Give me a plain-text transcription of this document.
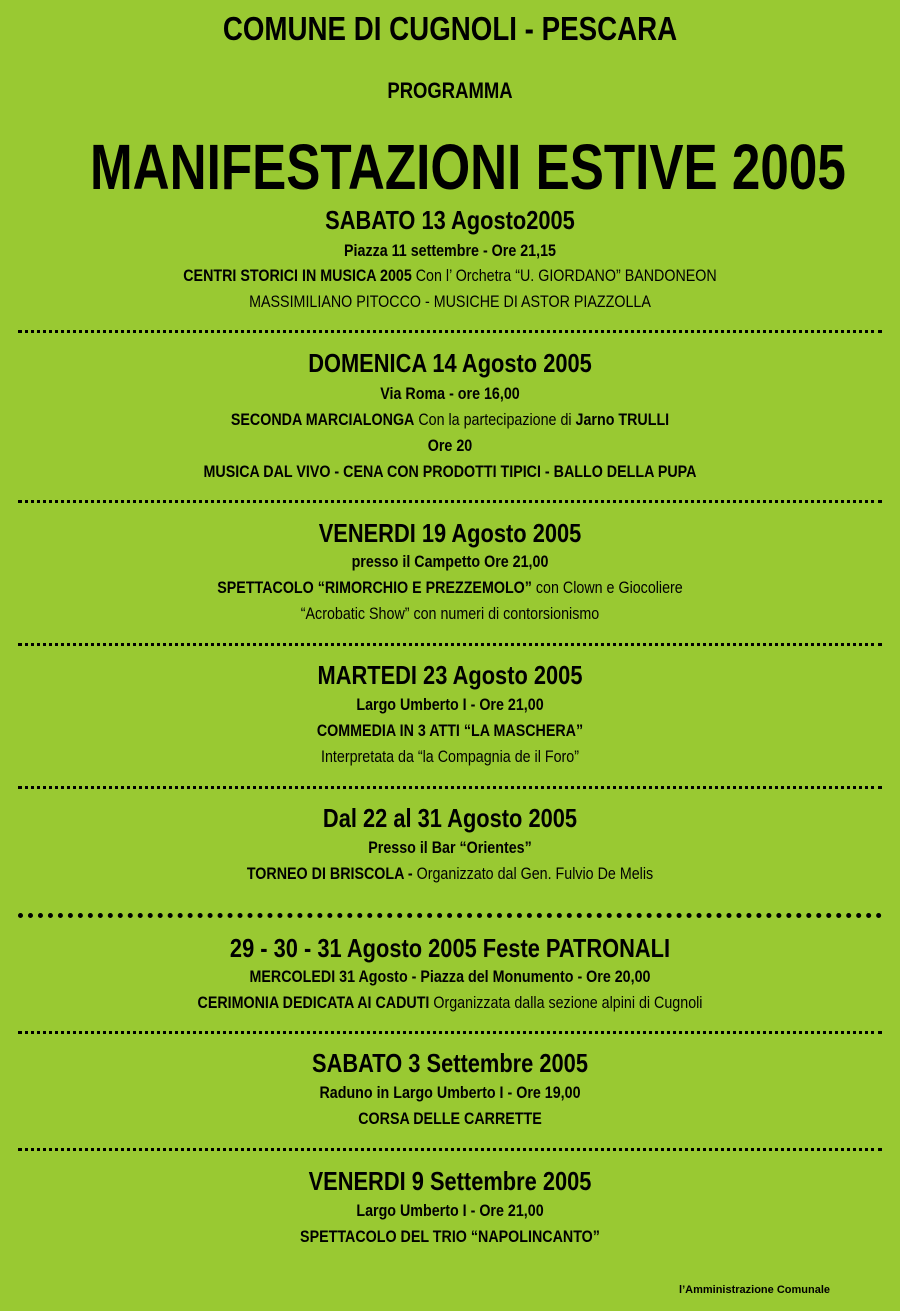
COMUNE DI CUGNOLI - PESCARA
PROGRAMMA
MANIFESTAZIONI ESTIVE 2005
SABATO 13 Agosto2005
Piazza 11 settembre - Ore 21,15
CENTRI STORICI IN MUSICA 2005 Con l’ Orchetra “U. GIORDANO” BANDONEON
MASSIMILIANO PITOCCO - MUSICHE DI ASTOR PIAZZOLLA
DOMENICA 14 Agosto 2005
Via Roma - ore 16,00
SECONDA MARCIALONGA Con la partecipazione di Jarno TRULLI
Ore 20
MUSICA DAL VIVO - CENA CON PRODOTTI TIPICI - BALLO DELLA PUPA
VENERDI 19 Agosto 2005
presso il Campetto Ore 21,00
SPETTACOLO “RIMORCHIO E PREZZEMOLO” con Clown e Giocoliere
“Acrobatic Show” con numeri di contorsionismo
MARTEDI 23 Agosto 2005
Largo Umberto I - Ore 21,00
COMMEDIA IN 3 ATTI “LA MASCHERA”
Interpretata da “la Compagnia de il Foro”
Dal 22 al 31 Agosto 2005
Presso il Bar “Orientes”
TORNEO DI BRISCOLA - Organizzato dal Gen. Fulvio De Melis
29 - 30 - 31 Agosto 2005 Feste PATRONALI
MERCOLEDI 31 Agosto - Piazza del Monumento - Ore 20,00
CERIMONIA DEDICATA AI CADUTI Organizzata dalla sezione alpini di Cugnoli
SABATO 3 Settembre 2005
Raduno in Largo Umberto I - Ore 19,00
CORSA DELLE CARRETTE
VENERDI 9 Settembre 2005
Largo Umberto I - Ore 21,00
SPETTACOLO DEL TRIO “NAPOLINCANTO”
l’Amministrazione Comunale
